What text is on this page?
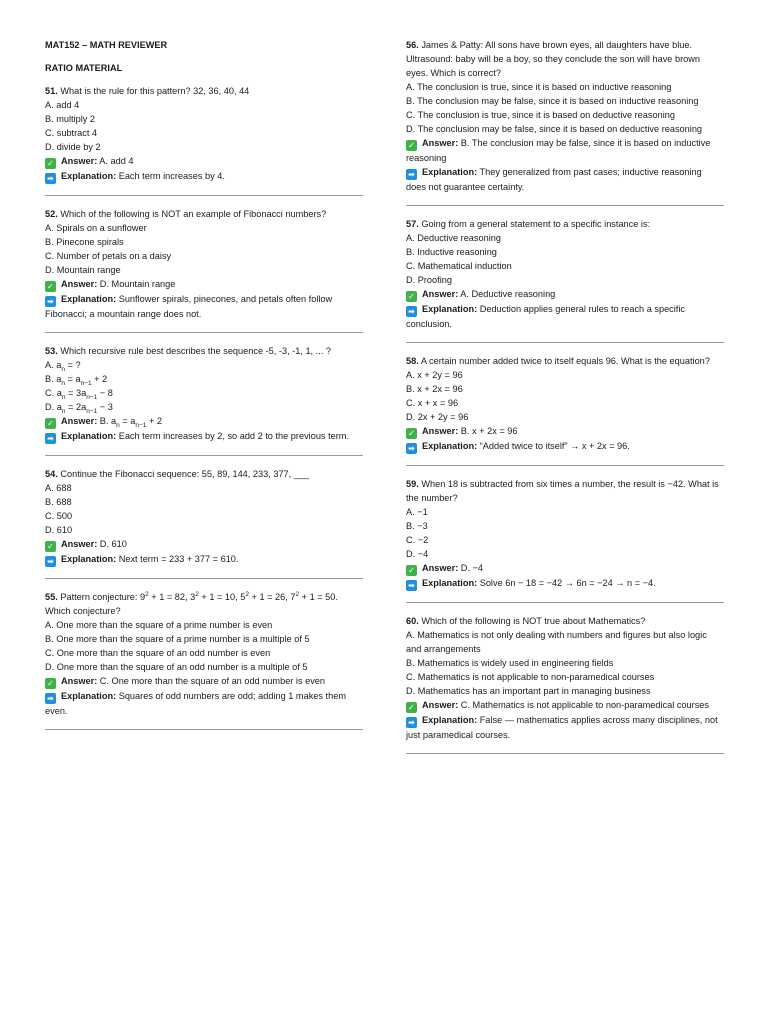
MAT152 – MATH REVIEWER
RATIO MATERIAL

51. What is the rule for this pattern? 32, 36, 40, 44

A. add 4

B. multiply 2

C. subtract 4

D. divide by 2

✓ Answer: A. add 4

➡ Explanation: Each term increases by 4.

52. Which of the following is NOT an example of Fibonacci numbers?

A. Spirals on a sunflower

B. Pinecone spirals

C. Number of petals on a daisy

D. Mountain range

✓ Answer: D. Mountain range

➡ Explanation: Sunflower spirals, pinecones, and petals often follow Fibonacci; a mountain range does not.

53. Which recursive rule best describes the sequence -5, -3, -1, 1, ... ?

A. $a_n$ = ?

B. $a_n = a_{n-1} + 2$

C. $a_n = 3a_{n-1} - 8$

D. $a_n = 2a_{n-1} - 3$

✓ Answer: B. $a_n = a_{n-1} + 2$

➡ Explanation: Each term increases by 2, so add 2 to the previous term.

54. Continue the Fibonacci sequence: 55, 89, 144, 233, 377, ___

A. 688

B. 688

C. 500

D. 610

✓ Answer: D. 610

➡ Explanation: Next term = 233 + 377 = 610.

55. Pattern conjecture: $9^2 + 1 = 82$, $3^2 + 1 = 10$, $5^2 + 1 = 26$, $7^2 + 1 = 50$. Which conjecture?

A. One more than the square of a prime number is even

B. One more than the square of a prime number is a multiple of 5

C. One more than the square of an odd number is even

D. One more than the square of an odd number is a multiple of 5

✓ Answer: C. One more than the square of an odd number is even

➡ Explanation: Squares of odd numbers are odd; adding 1 makes them even.

56. James & Patty: All sons have brown eyes, all daughters have blue. Ultrasound: baby will be a boy, so they conclude the son will have brown eyes. Which is correct?

A. The conclusion is true, since it is based on inductive reasoning

B. The conclusion may be false, since it is based on inductive reasoning

C. The conclusion is true, since it is based on deductive reasoning

D. The conclusion may be false, since it is based on deductive reasoning

✓ Answer: B. The conclusion may be false, since it is based on inductive reasoning

➡ Explanation: They generalized from past cases; inductive reasoning does not guarantee certainty.

57. Going from a general statement to a specific instance is:

A. Deductive reasoning

B. Inductive reasoning

C. Mathematical induction

D. Proofing

✓ Answer: A. Deductive reasoning

➡ Explanation: Deduction applies general rules to reach a specific conclusion.

58. A certain number added twice to itself equals 96. What is the equation?

A. x + 2y = 96

B. x + 2x = 96

C. x + x = 96

D. 2x + 2y = 96

✓ Answer: B. x + 2x = 96

➡ Explanation: “Added twice to itself” → x + 2x = 96.

59. When 18 is subtracted from six times a number, the result is −42. What is the number?

A. −1

B. −3

C. −2

D. −4

✓ Answer: D. −4

➡ Explanation: Solve 6n − 18 = −42 → 6n = −24 → n = −4.

60. Which of the following is NOT true about Mathematics?

A. Mathematics is not only dealing with numbers and figures but also logic and arrangements

B. Mathematics is widely used in engineering fields

C. Mathematics is not applicable to non-paramedical courses

D. Mathematics has an important part in managing business

✓ Answer: C. Mathematics is not applicable to non-paramedical courses

➡ Explanation: False — mathematics applies across many disciplines, not just paramedical courses.
